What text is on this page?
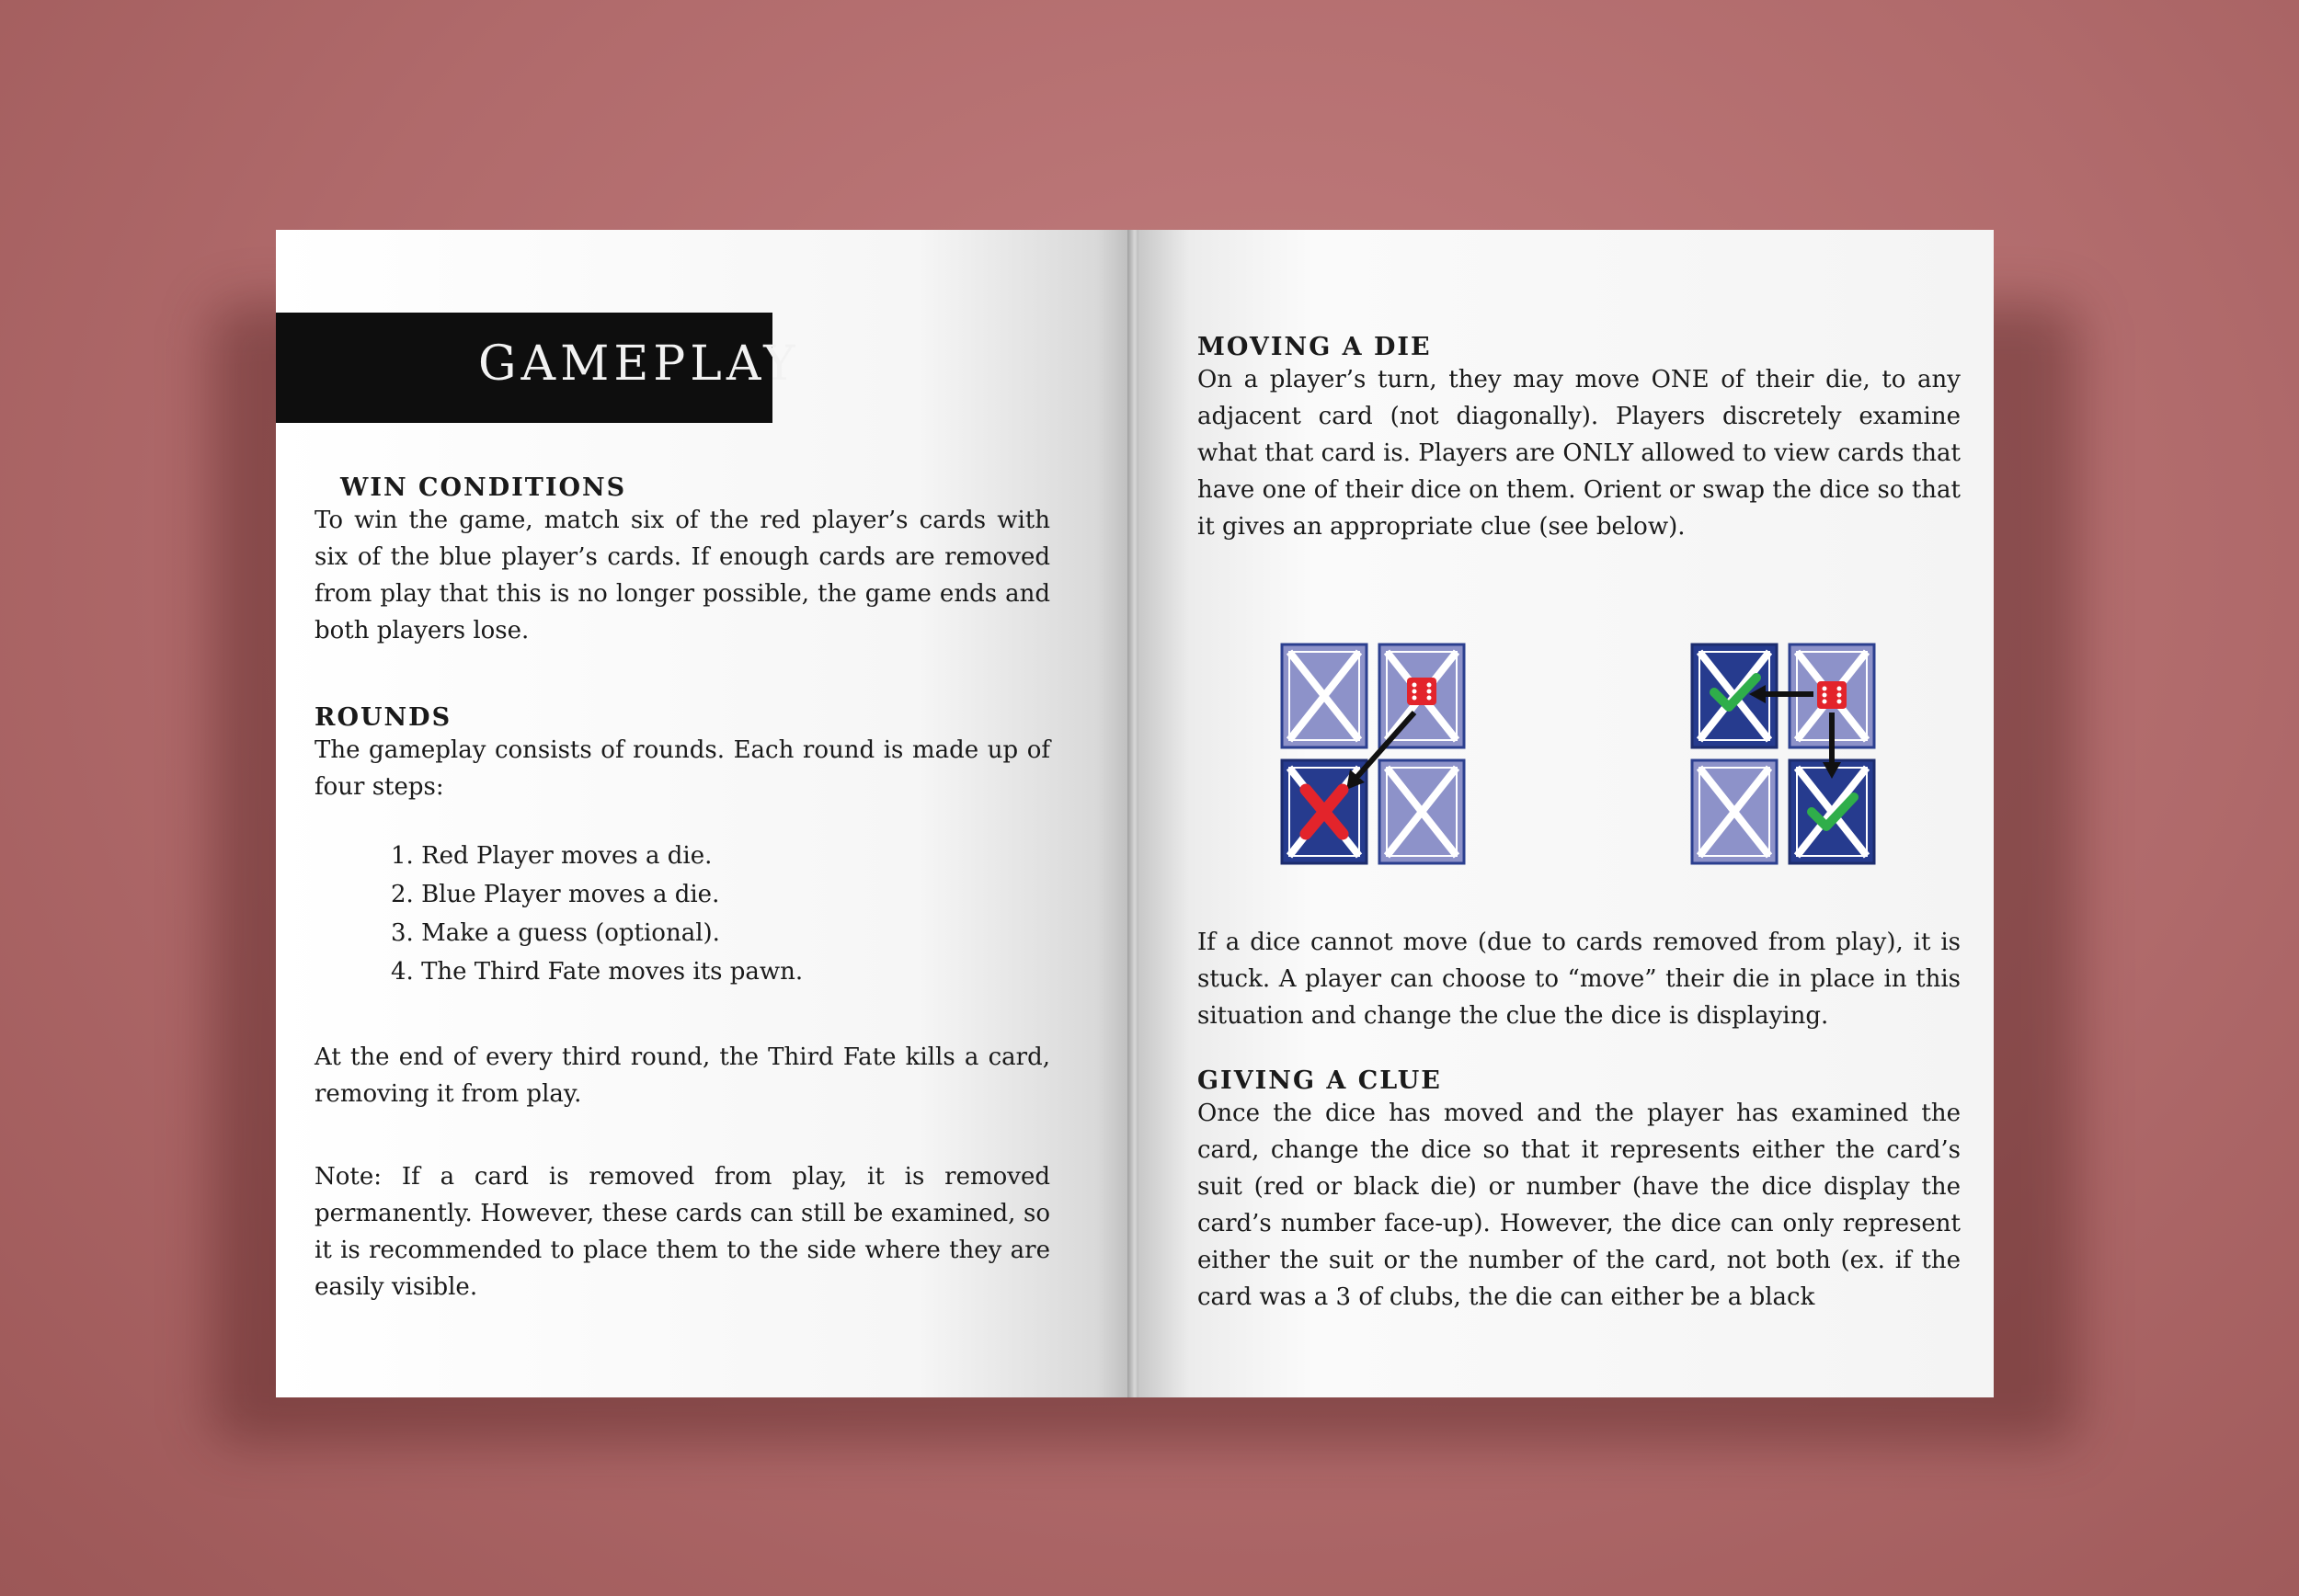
GAMEPLAY
WIN CONDITIONS

To win the game, match six of the red player’s cards with six of the blue player’s cards. If enough cards are removed from play that this is no longer possible, the game ends and both players lose.

ROUNDS

The gameplay consists of rounds. Each round is made up of four steps:

1. Red Player moves a die.
2. Blue Player moves a die.
3. Make a guess (optional).
4. The Third Fate moves its pawn.

At the end of every third round, the Third Fate kills a card, removing it from play.

Note: If a card is removed from play, it is removed permanently. However, these cards can still be examined, so it is recommended to place them to the side where they are easily visible.

MOVING A DIE

On a player’s turn, they may move ONE of their die, to any adjacent card (not diagonally). Players discretely examine what that card is. Players are ONLY allowed to view cards that have one of their dice on them. Orient or swap the dice so that it gives an appropriate clue (see below).

If a dice cannot move (due to cards removed from play), it is stuck. A player can choose to “move” their die in place in this situation and change the clue the dice is displaying.

GIVING A CLUE

Once the dice has moved and the player has examined the card, change the dice so that it represents either the card’s suit (red or black die) or number (have the dice display the card’s number face-up). However, the dice can only represent either the suit or the number of the card, not both (ex. if the card was a 3 of clubs, the die can either be a black
